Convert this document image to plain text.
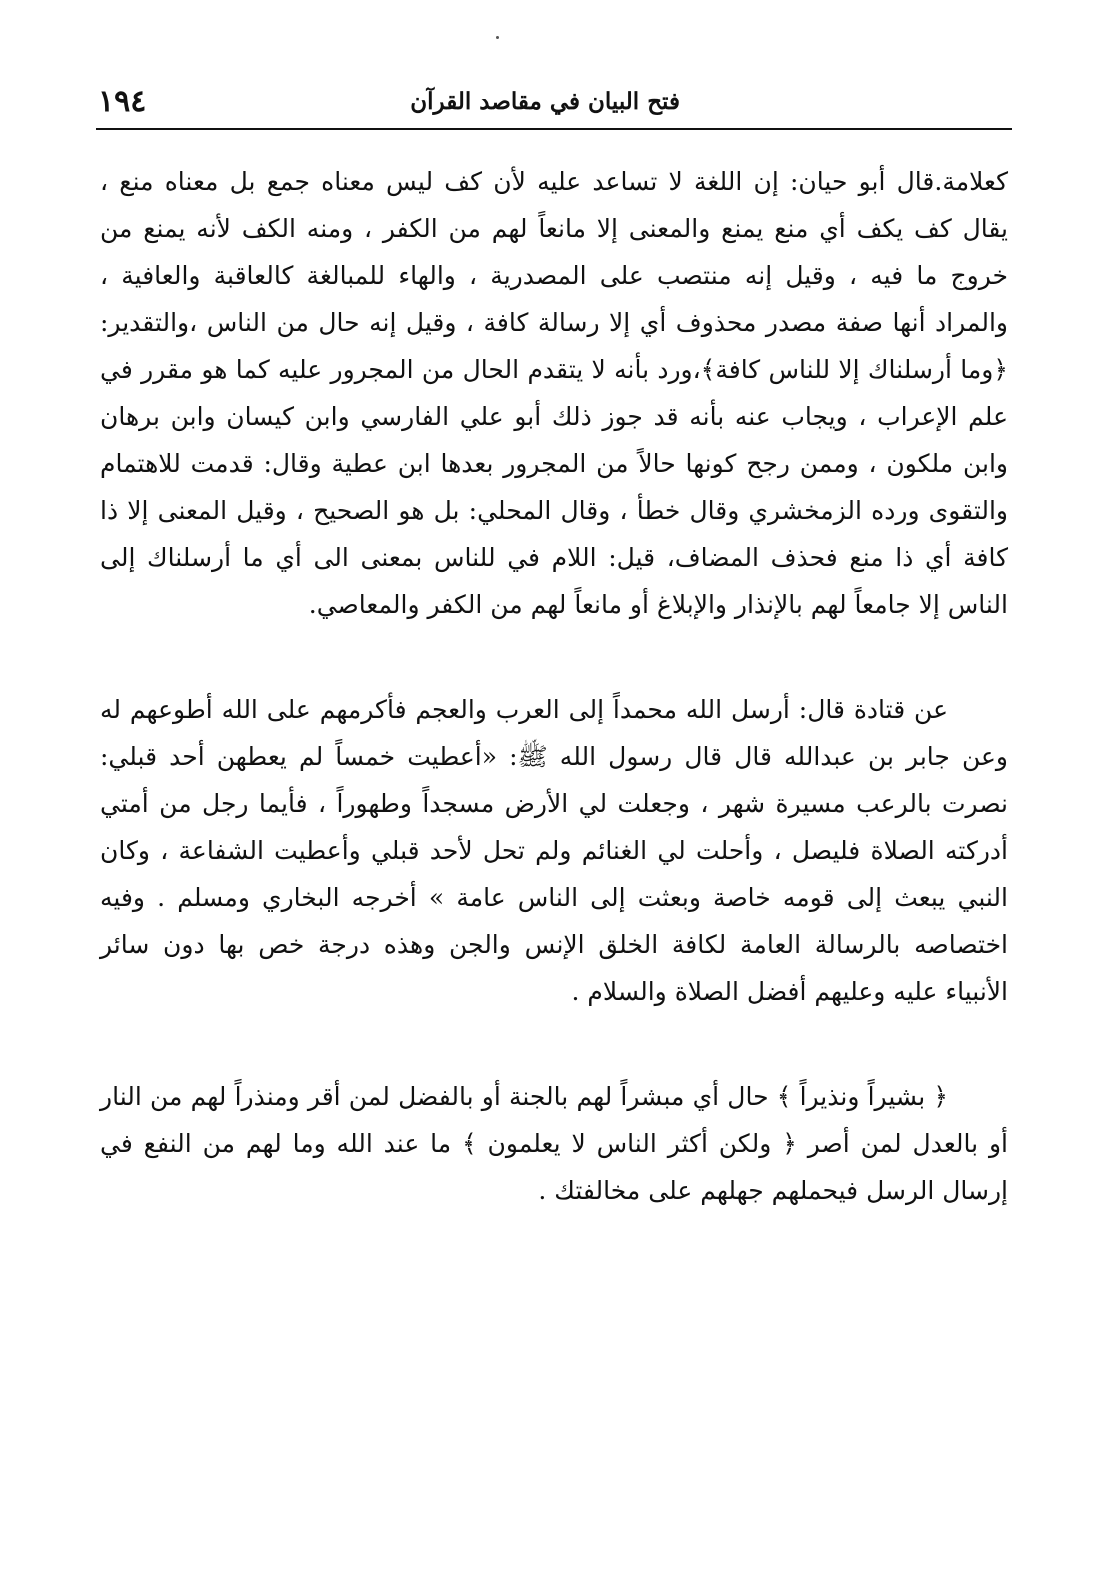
١٩٤	فتح البيان في مقاصد القرآن

كعلامة.قال أبو حيان: إن اللغة لا تساعد عليه لأن كف ليس معناه جمع بل معناه منع ، يقال كف يكف أي منع يمنع والمعنى إلا مانعاً لهم من الكفر ، ومنه الكف لأنه يمنع من خروج ما فيه ، وقيل إنه منتصب على المصدرية ، والهاء للمبالغة كالعاقبة والعافية ، والمراد أنها صفة مصدر محذوف أي إلا رسالة كافة ، وقيل إنه حال من الناس ،والتقدير:﴿وما أرسلناك إلا للناس كافة﴾،ورد بأنه لا يتقدم الحال من المجرور عليه كما هو مقرر في علم الإعراب ، ويجاب عنه بأنه قد جوز ذلك أبو علي الفارسي وابن كيسان وابن برهان وابن ملكون ، وممن رجح كونها حالاً من المجرور بعدها ابن عطية وقال: قدمت للاهتمام والتقوى ورده الزمخشري وقال خطأ ، وقال المحلي: بل هو الصحيح ، وقيل المعنى إلا ذا كافة أي ذا منع فحذف المضاف، قيل: اللام في للناس بمعنى الى أي ما أرسلناك إلى الناس إلا جامعاً لهم بالإنذار والإبلاغ أو مانعاً لهم من الكفر والمعاصي.

عن قتادة قال: أرسل الله محمداً إلى العرب والعجم فأكرمهم على الله أطوعهم له وعن جابر بن عبدالله قال قال رسول الله ﷺ: «أعطيت خمساً لم يعطهن أحد قبلي: نصرت بالرعب مسيرة شهر ، وجعلت لي الأرض مسجداً وطهوراً ، فأيما رجل من أمتي أدركته الصلاة فليصل ، وأحلت لي الغنائم ولم تحل لأحد قبلي وأعطيت الشفاعة ، وكان النبي يبعث إلى قومه خاصة وبعثت إلى الناس عامة » أخرجه البخاري ومسلم . وفيه اختصاصه بالرسالة العامة لكافة الخلق الإنس والجن وهذه درجة خص بها دون سائر الأنبياء عليه وعليهم أفضل الصلاة والسلام .

﴿ بشيراً ونذيراً ﴾ حال أي مبشراً لهم بالجنة أو بالفضل لمن أقر ومنذراً لهم من النار أو بالعدل لمن أصر ﴿ ولكن أكثر الناس لا يعلمون ﴾ ما عند الله وما لهم من النفع في إرسال الرسل فيحملهم جهلهم على مخالفتك .
